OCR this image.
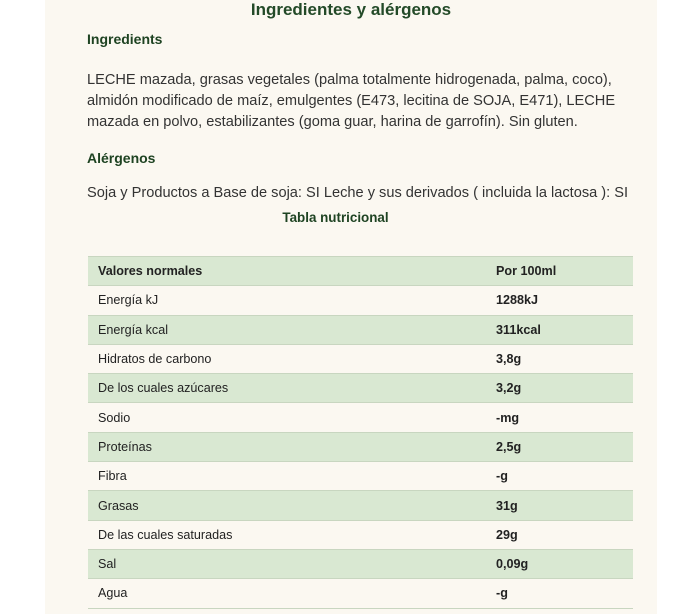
Ingredientes y alérgenos
Ingredients
LECHE mazada, grasas vegetales (palma totalmente hidrogenada, palma, coco), almidón modificado de maíz, emulgentes (E473, lecitina de SOJA, E471), LECHE mazada en polvo, estabilizantes (goma guar, harina de garrofín). Sin gluten.
Alérgenos
Soja y Productos a Base de soja: SI Leche y sus derivados ( incluida la lactosa ): SI
Tabla nutricional
Valores normales	Por 100ml
Energía kJ	1288kJ
Energía kcal	311kcal
Hidratos de carbono	3,8g
De los cuales azúcares	3,2g
Sodio	-mg
Proteínas	2,5g
Fibra	-g
Grasas	31g
De las cuales saturadas	29g
Sal	0,09g
Agua	-g
